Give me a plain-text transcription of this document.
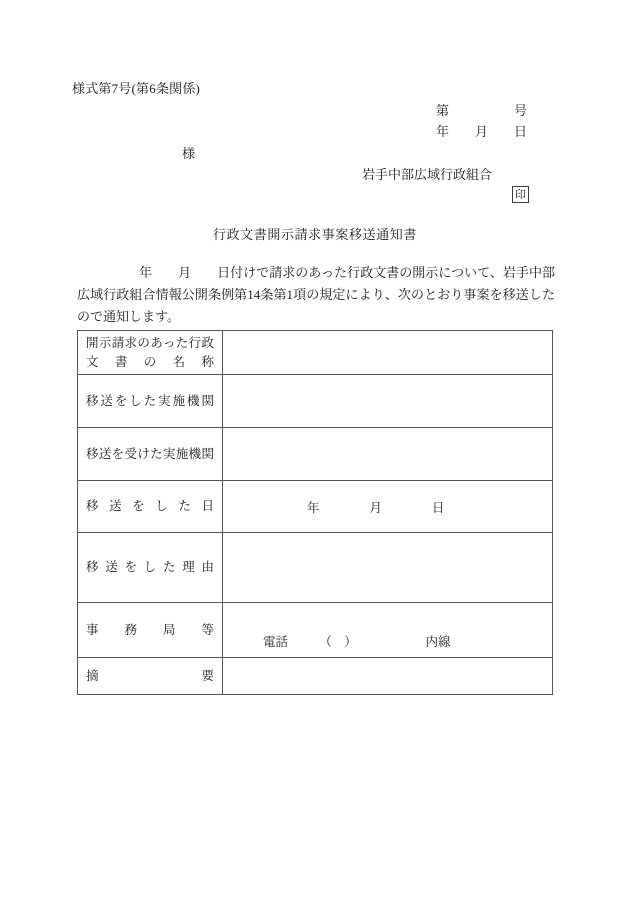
様式第7号(第6条関係)
第　　　　　号
年　　月　　日
様
岩手中部広域行政組合
印
行政文書開示請求事案移送通知書
年 月 日付けで請求のあった行政文書の開示について、岩手中部広域行政組合情報公開条例第14条第1項の規定により、次のとおり事案を移送したので通知します。
開示請求のあった行政
文書の名称	

移送をした実施機関	

移送を受けた実施機関	

移送をした日	年　　　　月　　　　日

移送をした理由	

事務局等	電話　　　（　）　　　　　　内線

摘要	
